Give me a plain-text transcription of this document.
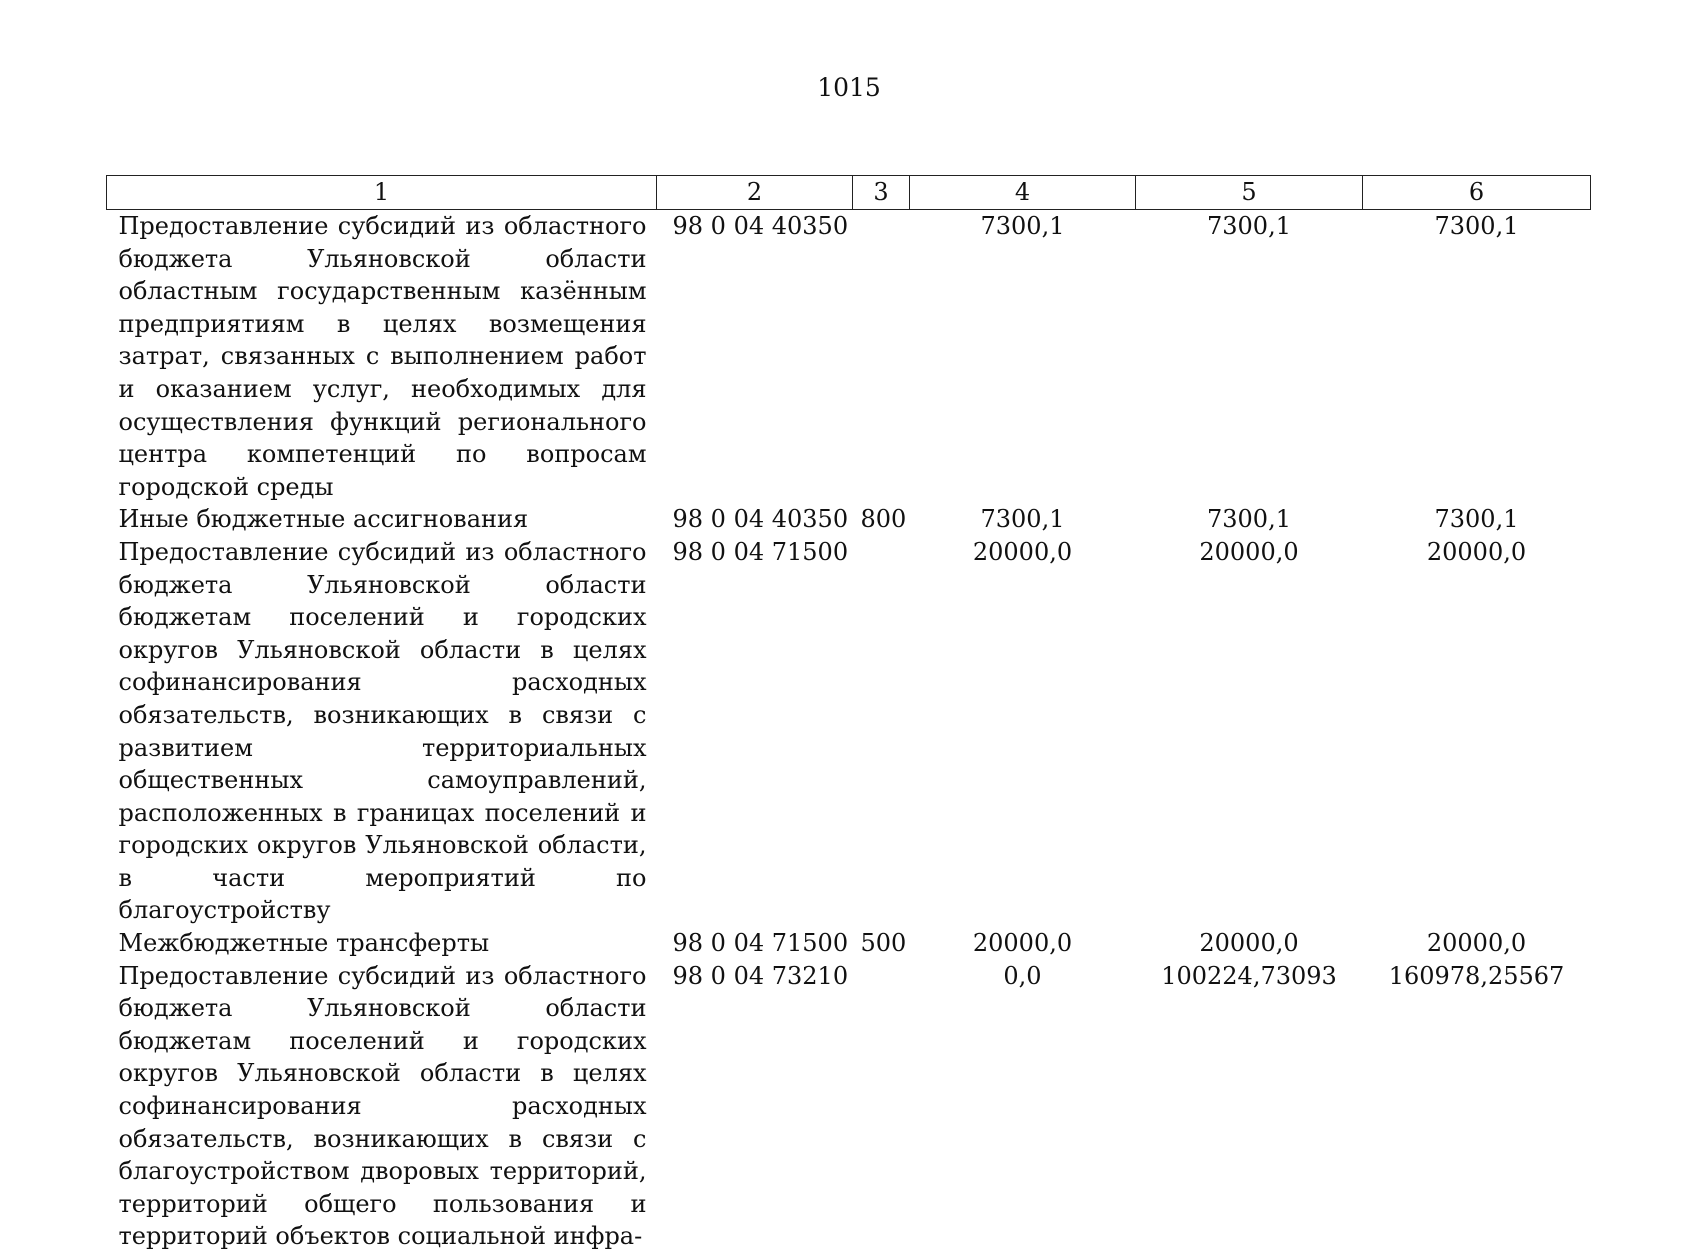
1015
1	2	3	4	5	6
Предоставление субсидий из областного бюджета Ульяновской области областным государственным казённым предприятиям в целях возмещения затрат, связанных с выполнением работ и оказанием услуг, необходимых для осуществления функций регионального центра компетенций по вопросам городской среды	98 0 04 40350		7300,1	7300,1	7300,1
Иные бюджетные ассигнования	98 0 04 40350	800	7300,1	7300,1	7300,1
Предоставление субсидий из областного бюджета Ульяновской области бюджетам поселений и городских округов Ульяновской области в целях софинансирования расходных обязательств, возникающих в связи с развитием территориальных общественных самоуправлений, расположенных в границах поселений и городских округов Ульяновской области, в части мероприятий по благоустройству	98 0 04 71500		20000,0	20000,0	20000,0
Межбюджетные трансферты	98 0 04 71500	500	20000,0	20000,0	20000,0
Предоставление субсидий из областного бюджета Ульяновской области бюджетам поселений и городских округов Ульяновской области в целях софинансирования расходных обязательств, возникающих в связи с благоустройством дворовых территорий, территорий общего пользования и территорий объектов социальной инфра-	98 0 04 73210		0,0	100224,73093	160978,25567
